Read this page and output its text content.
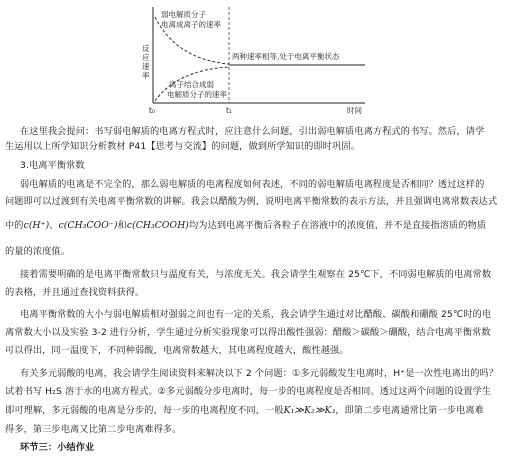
反
应
速
率
弱电解质分子
电离成离子的速率
离子结合成弱
电解质分子的速率
两种速率相等,处于电离平衡状态
t₀	t₁	时间
在这里我会提问：书写弱电解质的电离方程式时，应注意什么问题，引出弱电解质电离方程式的书写。然后，请学
生运用以上所学知识分析教材 P41【思考与交流】的问题，做到所学知识的即时巩固。
3.电离平衡常数
弱电解质的电离是不完全的，那么弱电解质的电离程度如何表述，不同的弱电解质电离程度是否相同？透过这样的
问题即可以过渡到有关电离平衡常数的讲解。我会以醋酸为例，说明电离平衡常数的表示方法，并且强调电离常数表达式
中的c(H⁺)、c(CH₃COO⁻)和c(CH₃COOH)均为达到电离平衡后各粒子在溶液中的浓度值，并不是直接指溶质的物质
的量的浓度值。
接着需要明确的是电离平衡常数只与温度有关，与浓度无关。我会请学生观察在 25℃下，不同弱电解质的电离常数
的表格，并且通过查找资料获得。
电离平衡常数的大小与弱电解质相对强弱之间也有一定的关系，我会请学生通过对比醋酸、碳酸和硼酸 25℃时的电
离常数大小以及实验 3-2 进行分析，学生通过分析实验现象可以得出酸性强弱：醋酸＞碳酸＞硼酸，结合电离平衡常数
可以得出，同一温度下，不同种弱酸，电离常数越大，其电离程度越大，酸性越强。
有关多元弱酸的电离，我会请学生阅读资料来解决以下 2 个问题：①多元弱酸发生电离时，H⁺是一次性电离出的吗？
试着书写 H₂S 溶于水的电离方程式。②多元弱酸分步电离时，每一步的电离程度是否相同。透过这两个问题的设置学生
即可理解，多元弱酸的电离是分步的，每一步的电离程度不同，一般K₁≫K₂≫K₃，即第二步电离通常比第一步电离难
得多，第三步电离又比第二步电离难得多。
环节三：小结作业
